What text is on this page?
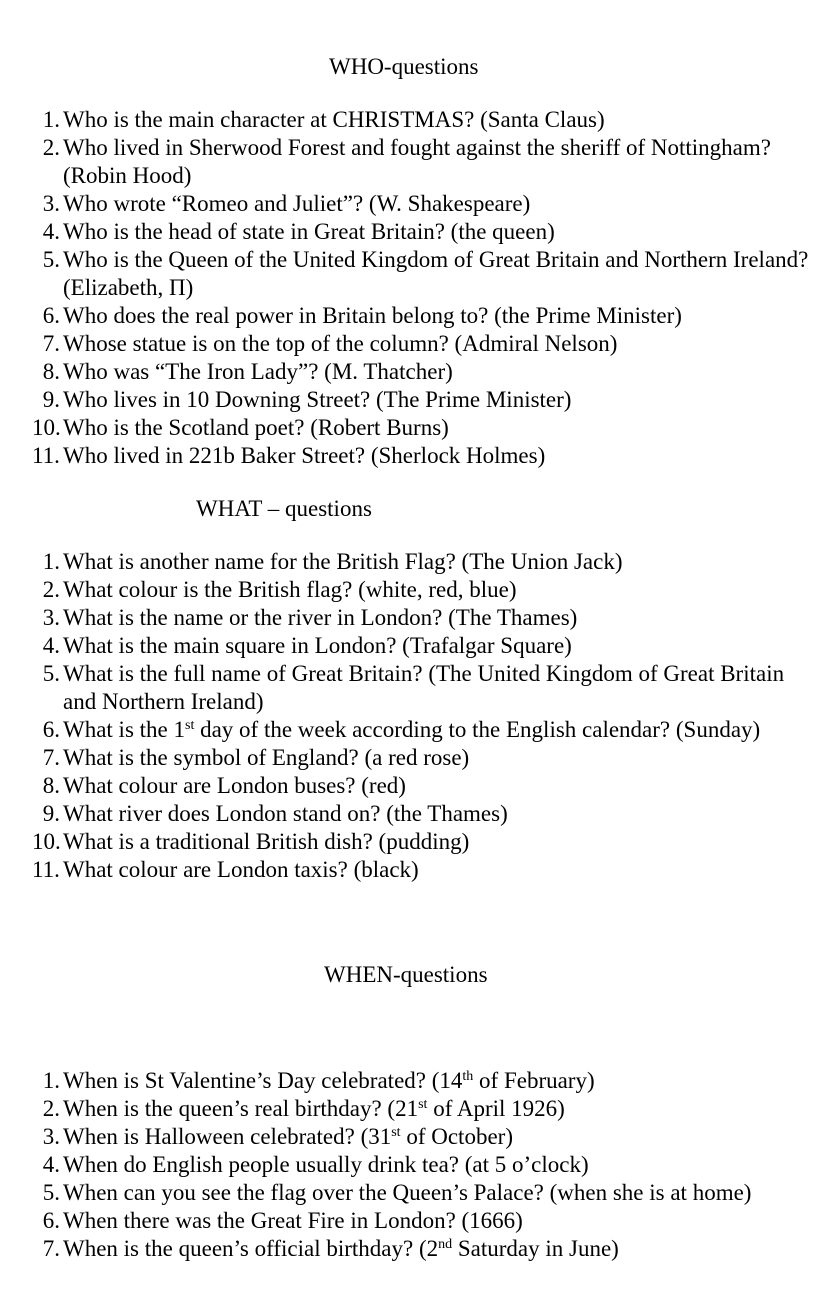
WHO-questions
1. Who is the main character at CHRISTMAS? (Santa Claus)
2. Who lived in Sherwood Forest and fought against the sheriff of Nottingham? (Robin Hood)
3. Who wrote “Romeo and Juliet”? (W. Shakespeare)
4. Who is the head of state in Great Britain? (the queen)
5. Who is the Queen of the United Kingdom of Great Britain and Northern Ireland? (Elizabeth, П)
6. Who does the real power in Britain belong to? (the Prime Minister)
7. Whose statue is on the top of the column? (Admiral Nelson)
8. Who was “The Iron Lady”? (M. Thatcher)
9. Who lives in 10 Downing Street? (The Prime Minister)
10. Who is the Scotland poet? (Robert Burns)
11. Who lived in 221b Baker Street? (Sherlock Holmes)
WHAT – questions
1. What is another name for the British Flag? (The Union Jack)
2. What colour is the British flag? (white, red, blue)
3. What is the name or the river in London? (The Thames)
4. What is the main square in London? (Trafalgar Square)
5. What is the full name of Great Britain? (The United Kingdom of Great Britain and Northern Ireland)
6. What is the 1st day of the week according to the English calendar? (Sunday)
7. What is the symbol of England? (a red rose)
8. What colour are London buses? (red)
9. What river does London stand on? (the Thames)
10. What is a traditional British dish? (pudding)
11. What colour are London taxis? (black)
WHEN-questions
1. When is St Valentine’s Day celebrated? (14th of February)
2. When is the queen’s real birthday? (21st of April 1926)
3. When is Halloween celebrated? (31st of October)
4. When do English people usually drink tea? (at 5 o’clock)
5. When can you see the flag over the Queen’s Palace? (when she is at home)
6. When there was the Great Fire in London? (1666)
7. When is the queen’s official birthday? (2nd Saturday in June)
